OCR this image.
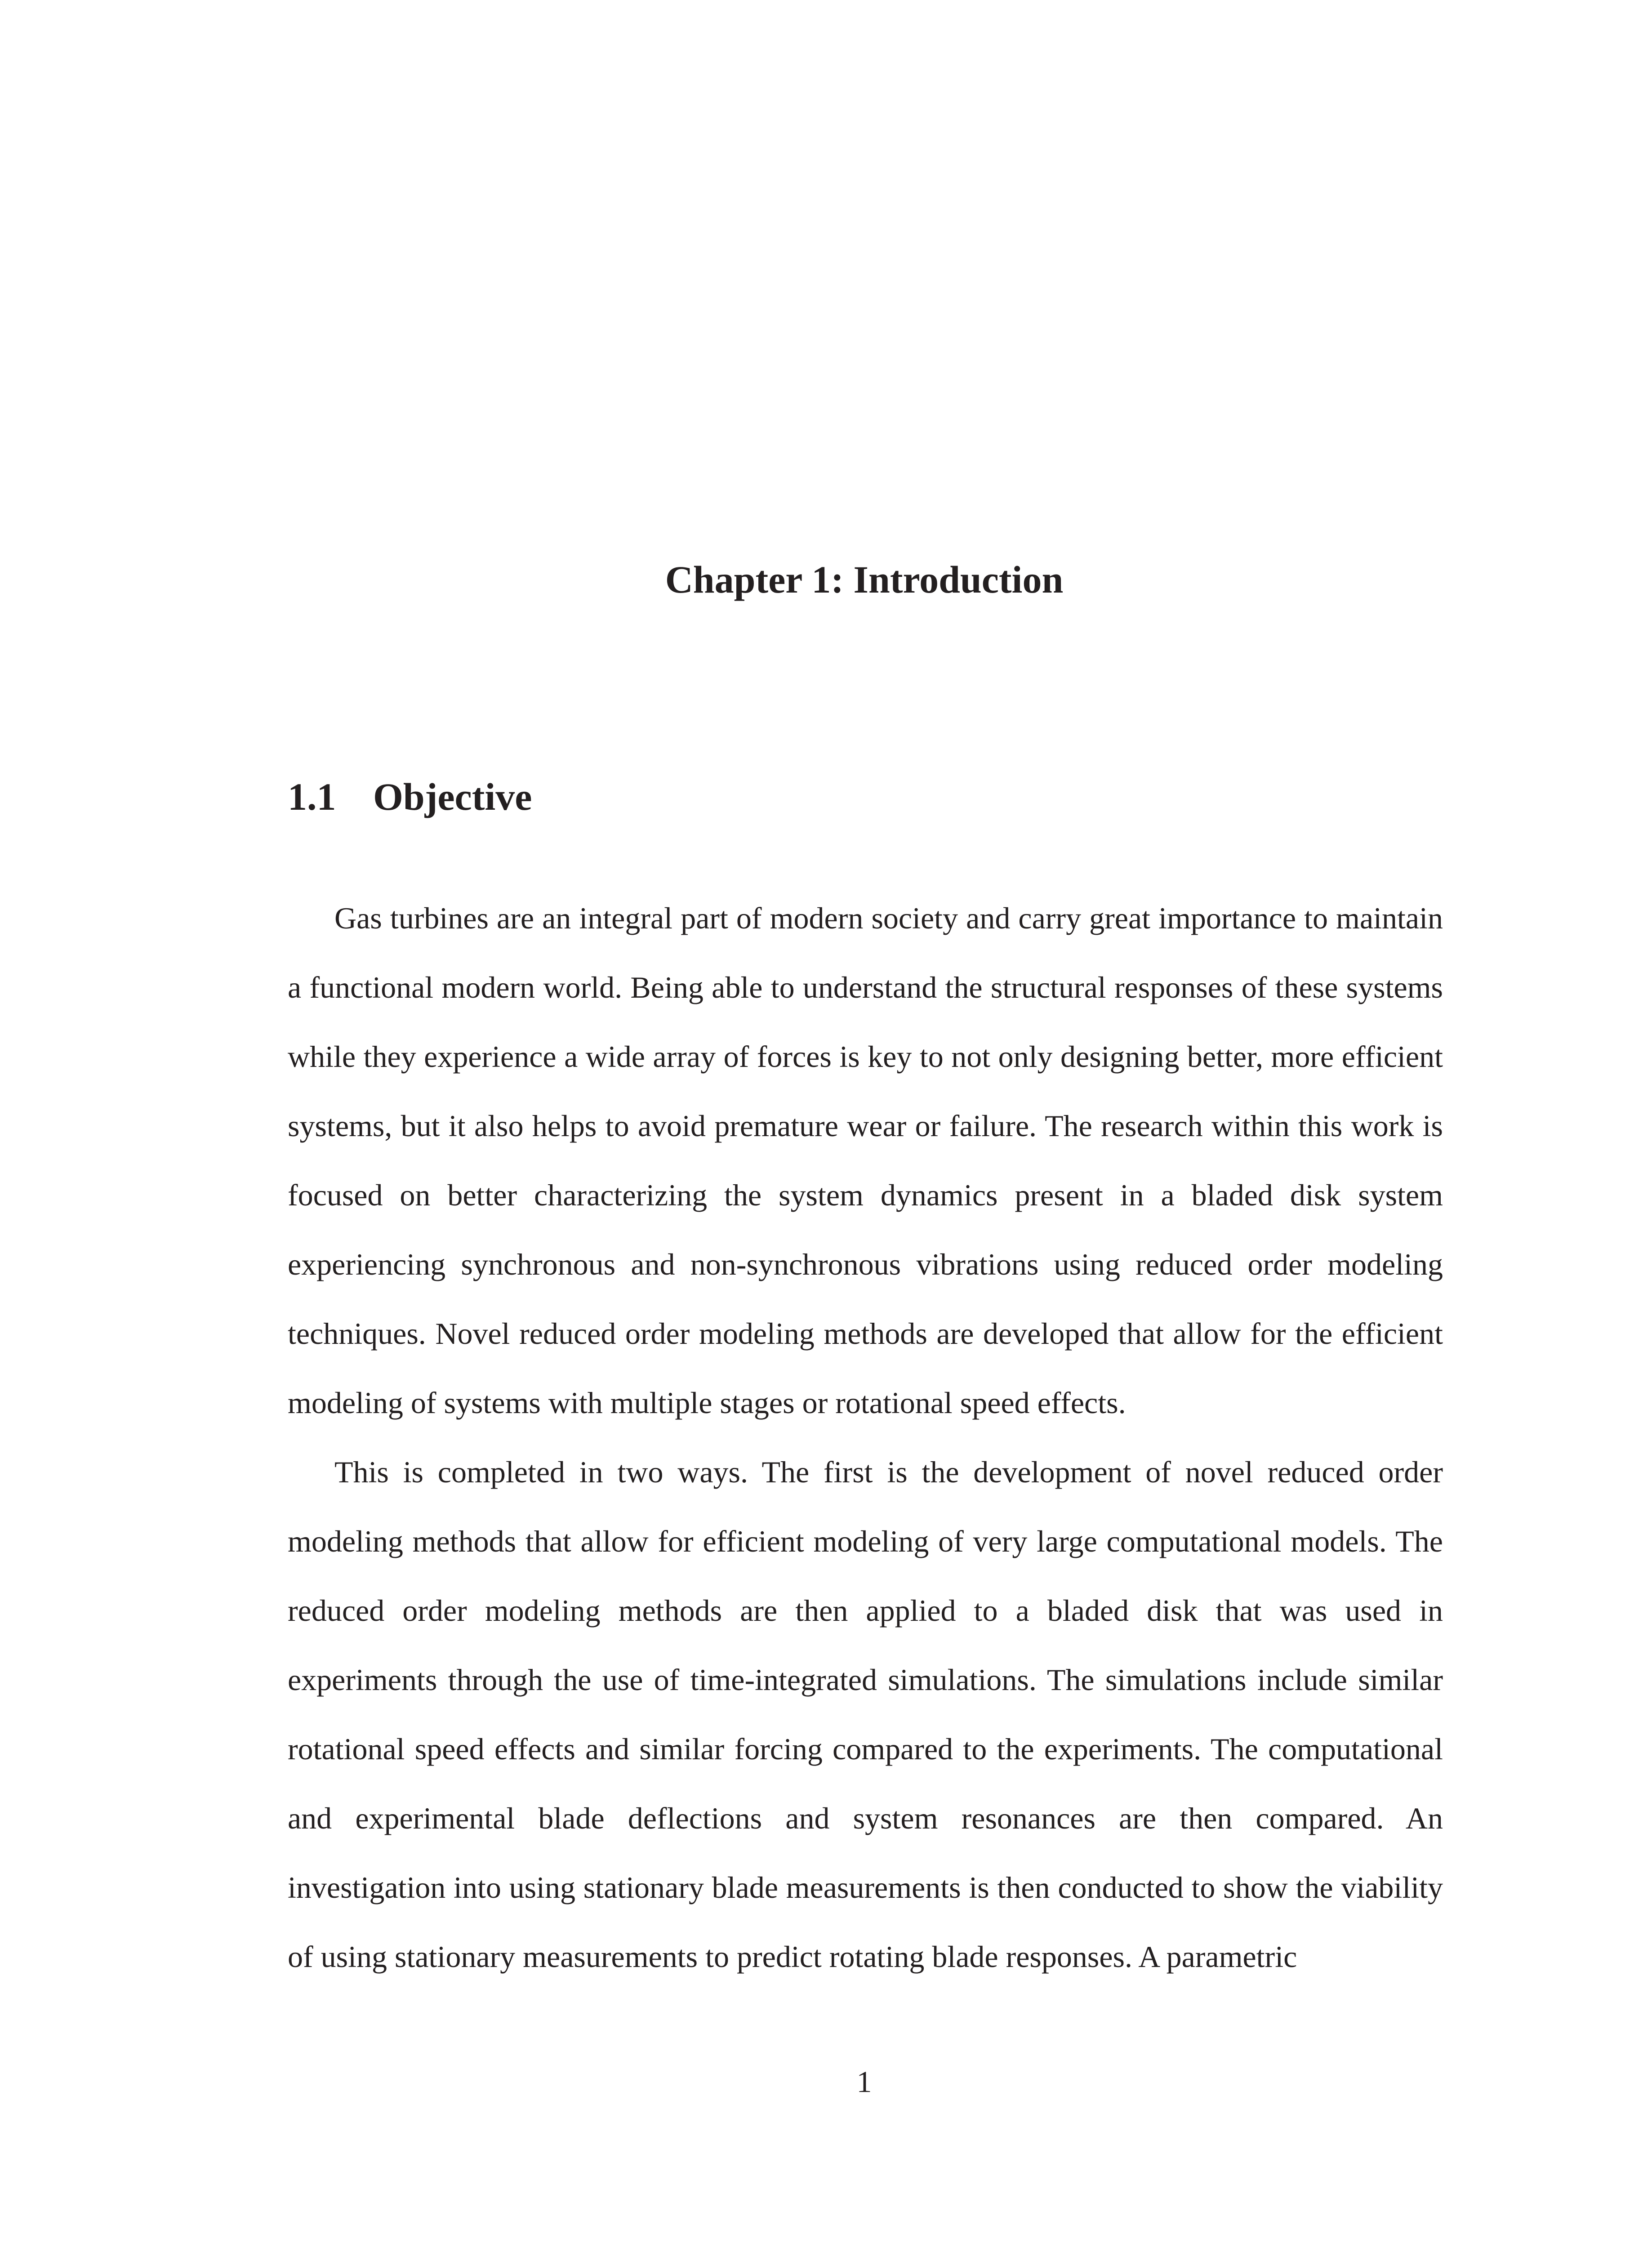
Chapter 1: Introduction
1.1 Objective

Gas turbines are an integral part of modern society and carry great importance to maintain a functional modern world. Being able to understand the structural responses of these systems while they experience a wide array of forces is key to not only designing better, more efficient systems, but it also helps to avoid premature wear or failure. The research within this work is focused on better characterizing the system dynamics present in a bladed disk system experiencing synchronous and non-synchronous vibrations using reduced order modeling techniques. Novel reduced order modeling methods are developed that allow for the efficient modeling of systems with multiple stages or rotational speed effects.

This is completed in two ways. The first is the development of novel reduced order modeling methods that allow for efficient modeling of very large computational models. The reduced order modeling methods are then applied to a bladed disk that was used in experiments through the use of time-integrated simulations. The simulations include similar rotational speed effects and similar forcing compared to the experiments. The computational and experimental blade deflections and system resonances are then compared. An investigation into using stationary blade measurements is then conducted to show the viability of using stationary measurements to predict rotating blade responses. A parametric

1
